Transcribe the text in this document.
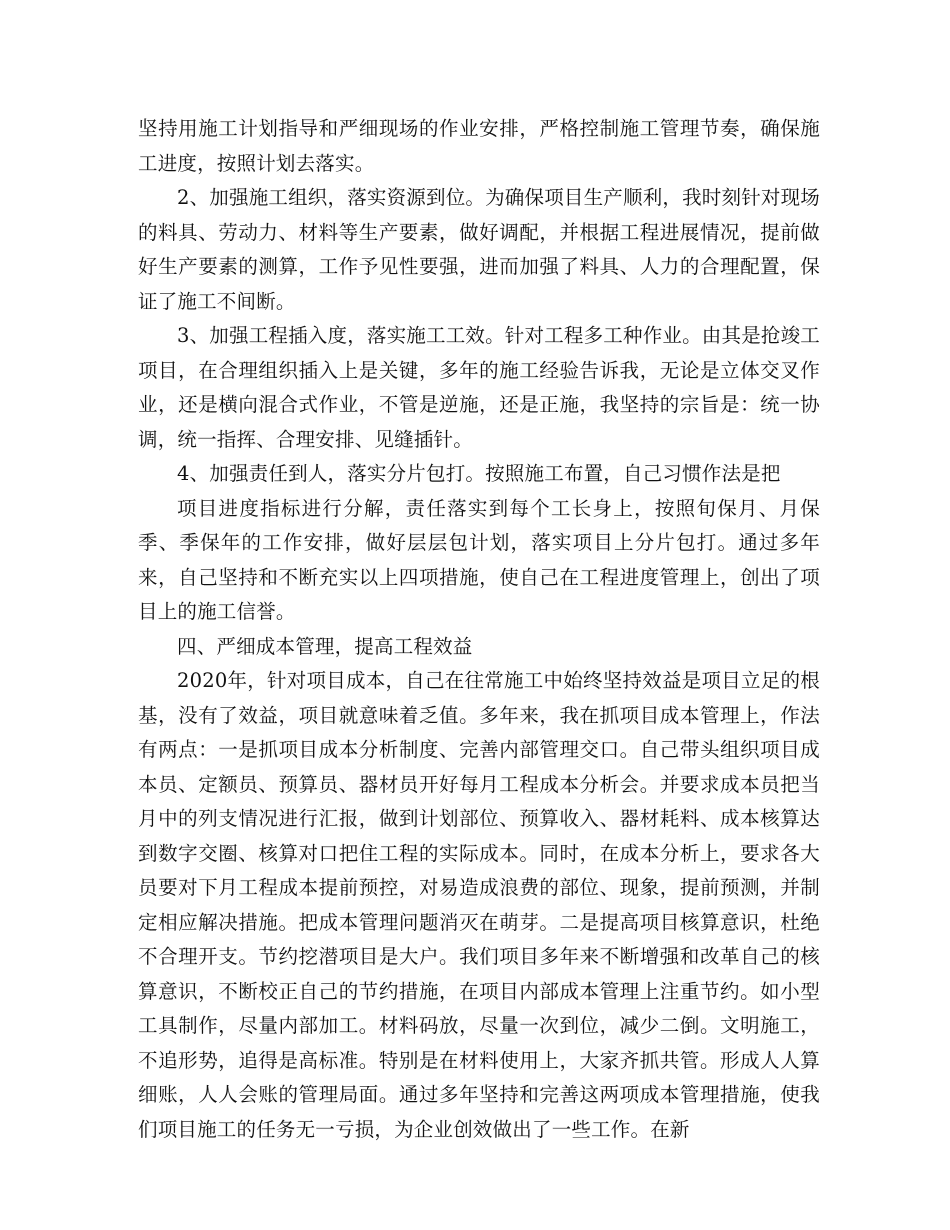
坚持用施工计划指导和严细现场的作业安排，严格控制施工管理节奏，确保施工进度，按照计划去落实。

2、加强施工组织，落实资源到位。为确保项目生产顺利，我时刻针对现场的料具、劳动力、材料等生产要素，做好调配，并根据工程进展情况，提前做好生产要素的测算，工作予见性要强，进而加强了料具、人力的合理配置，保证了施工不间断。

3、加强工程插入度，落实施工工效。针对工程多工种作业。由其是抢竣工项目，在合理组织插入上是关键，多年的施工经验告诉我，无论是立体交叉作业，还是横向混合式作业，不管是逆施，还是正施，我坚持的宗旨是：统一协调，统一指挥、合理安排、见缝插针。

4、加强责任到人，落实分片包打。按照施工布置，自己习惯作法是把

项目进度指标进行分解，责任落实到每个工长身上，按照旬保月、月保季、季保年的工作安排，做好层层包计划，落实项目上分片包打。通过多年来，自己坚持和不断充实以上四项措施，使自己在工程进度管理上，创出了项目上的施工信誉。

四、严细成本管理，提高工程效益

2020年，针对项目成本，自己在往常施工中始终坚持效益是项目立足的根基，没有了效益，项目就意味着乏值。多年来，我在抓项目成本管理上，作法有两点：一是抓项目成本分析制度、完善内部管理交口。自己带头组织项目成本员、定额员、预算员、器材员开好每月工程成本分析会。并要求成本员把当月中的列支情况进行汇报，做到计划部位、预算收入、器材耗料、成本核算达到数字交圈、核算对口把住工程的实际成本。同时，在成本分析上，要求各大员要对下月工程成本提前预控，对易造成浪费的部位、现象，提前预测，并制定相应解决措施。把成本管理问题消灭在萌芽。二是提高项目核算意识，杜绝不合理开支。节约挖潜项目是大户。我们项目多年来不断增强和改革自己的核算意识，不断校正自己的节约措施，在项目内部成本管理上注重节约。如小型工具制作，尽量内部加工。材料码放，尽量一次到位，减少二倒。文明施工，不追形势，追得是高标准。特别是在材料使用上，大家齐抓共管。形成人人算细账，人人会账的管理局面。通过多年坚持和完善这两项成本管理措施，使我们项目施工的任务无一亏损，为企业创效做出了一些工作。在新
